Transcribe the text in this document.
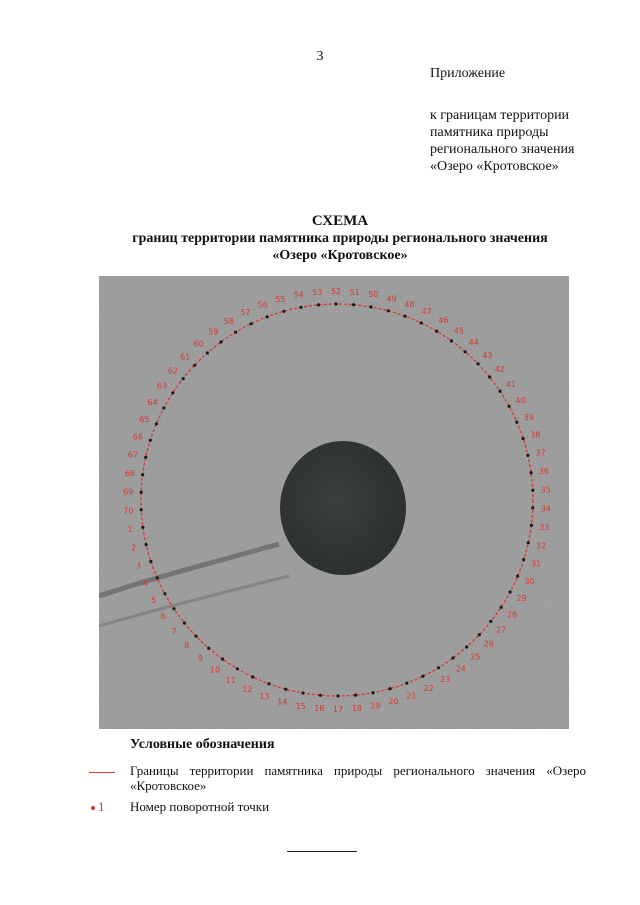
3
Приложение
к границам территории
памятника природы
регионального значения
«Озеро «Кротовское»
СХЕМА
границ территории памятника природы регионального значения
«Озеро «Кротовское»
1
2
3
4
5
6
7
8
9
10
11
12
13
14 15 16 17 18 19 20
21
22
23
24
25
26
27
28
29
30
31
32
33
34
35
36
37
38
39
40
41
42
43
44
45
46
47
48
49
50
51
52
53
54
55
56
57
58
59
60
61
62
63
64
65
66
67
68
69
70
Условные обозначения
Границы территории памятника природы регионального значения «Озеро «Кротовское»
1 Номер поворотной точки
